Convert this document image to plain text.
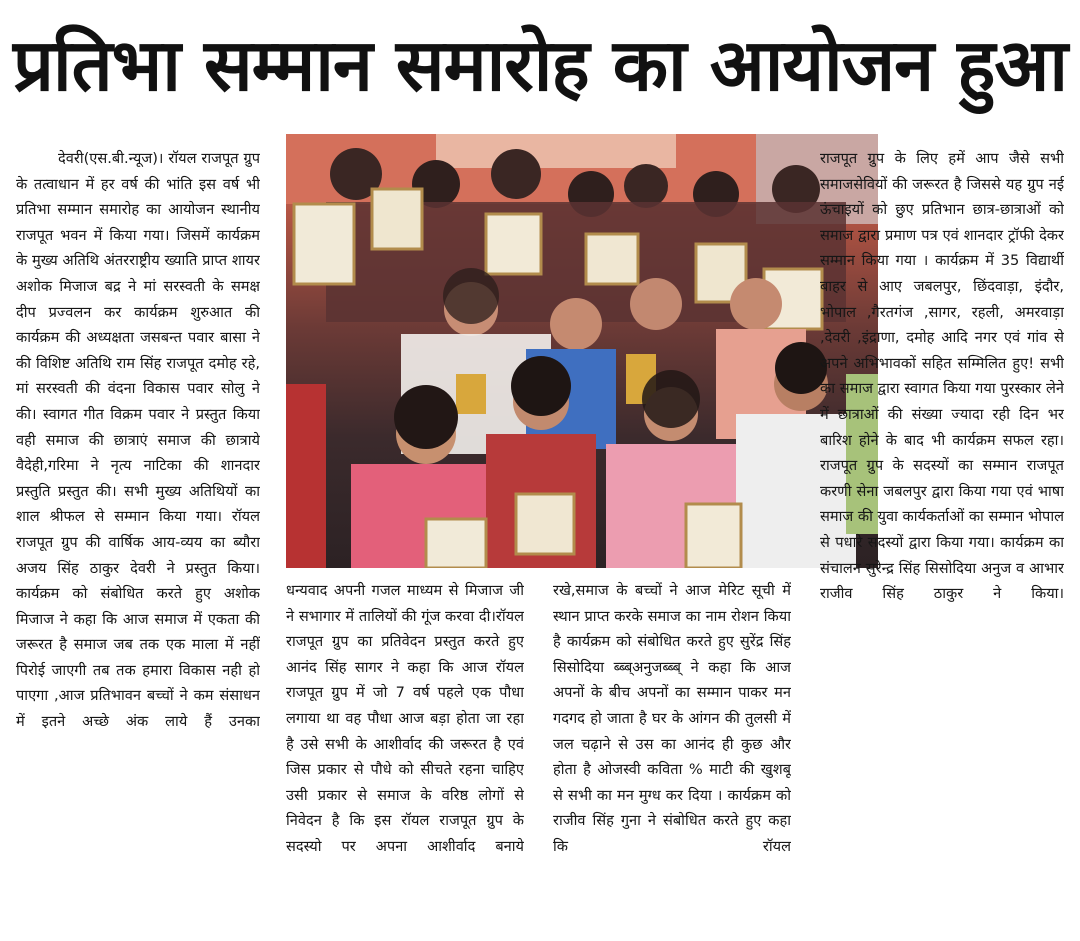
प्रतिभा सम्मान समारोह का आयोजन हुआ

देवरी(एस.बी.न्यूज)। रॉयल राजपूत ग्रुप के तत्वाधान में हर वर्ष की भांति इस वर्ष भी प्रतिभा सम्मान समारोह का आयोजन स्थानीय राजपूत भवन में किया गया। जिसमें कार्यक्रम के मुख्य अतिथि अंतरराष्ट्रीय ख्याति प्राप्त शायर अशोक मिजाज बद्र ने मां सरस्वती के समक्ष दीप प्रज्वलन कर कार्यक्रम शुरुआत की कार्यक्रम की अध्यक्षता जसबन्त पवार बासा ने की विशिष्ट अतिथि राम सिंह राजपूत दमोह रहे, मां सरस्वती की वंदना विकास पवार सोलु ने की। स्वागत गीत विक्रम पवार ने प्रस्तुत किया वही समाज की छात्राएं समाज की छात्राये वैदेही,गरिमा ने नृत्य नाटिका की शानदार प्रस्तुति प्रस्तुत की। सभी मुख्य अतिथियों का शाल श्रीफल से सम्मान किया गया। रॉयल राजपूत ग्रुप की वार्षिक आय-व्यय का ब्यौरा अजय सिंह ठाकुर देवरी ने प्रस्तुत किया। कार्यक्रम को संबोधित करते हुए अशोक मिजाज ने कहा कि आज समाज में एकता की जरूरत है समाज जब तक एक माला में नहीं पिरोई जाएगी तब तक हमारा विकास नही हो पाएगा ,आज प्रतिभावन बच्चों ने कम संसाधन में इतने अच्छे अंक लाये हैं उनका

धन्यवाद अपनी गजल माध्यम से मिजाज जी ने सभागार में तालियों की गूंज करवा दी।रॉयल राजपूत ग्रुप का प्रतिवेदन प्रस्तुत करते हुए आनंद सिंह सागर ने कहा कि आज रॉयल राजपूत ग्रुप में जो 7 वर्ष पहले एक पौधा लगाया था वह पौधा आज बड़ा होता जा रहा है उसे सभी के आशीर्वाद की जरूरत है एवं जिस प्रकार से पौधे को सीचते रहना चाहिए उसी प्रकार से समाज के वरिष्ठ लोगों से निवेदन है कि इस रॉयल राजपूत ग्रुप के सदस्यो पर अपना आशीर्वाद बनाये

रखे,समाज के बच्चों ने आज मेरिट सूची में स्थान प्राप्त करके समाज का नाम रोशन किया है कार्यक्रम को संबोधित करते हुए सुरेंद्र सिंह सिसोदिया ब्ब्ब्अनुजब्ब्ब् ने कहा कि आज अपनों के बीच अपनों का सम्मान पाकर मन गदगद हो जाता है घर के आंगन की तुलसी में जल चढ़ाने से उस का आनंद ही कुछ और होता है ओजस्वी कविता % माटी की खुशबू से सभी का मन मुग्ध कर दिया । कार्यक्रम को राजीव सिंह गुना ने संबोधित करते हुए कहा कि रॉयल

राजपूत ग्रुप के लिए हमें आप जैसे सभी समाजसेवियों की जरूरत है जिससे यह ग्रुप नई ऊंचाइयों को छुए प्रतिभान छात्र-छात्राओं को समाज द्वारा प्रमाण पत्र एवं शानदार ट्रॉफी देकर सम्मान किया गया । कार्यक्रम में 35 विद्यार्थी बाहर से आए जबलपुर, छिंदवाड़ा, इंदौर, भोपाल ,गैरतगंज ,सागर, रहली, अमरवाड़ा ,देवरी ,इंद्राणा, दमोह आदि नगर एवं गांव से अपने अभिभावकों सहित सम्मिलित हुए! सभी का समाज द्वारा स्वागत किया गया पुरस्कार लेने में छात्राओं की संख्या ज्यादा रही दिन भर बारिश होने के बाद भी कार्यक्रम सफल रहा। राजपूत ग्रुप के सदस्यों का सम्मान राजपूत करणी सेना जबलपुर द्वारा किया गया एवं भाषा समाज की युवा कार्यकर्ताओं का सम्मान भोपाल से पधारे सदस्यों द्वारा किया गया। कार्यक्रम का संचालन सुरेन्द्र सिंह सिसोदिया अनुज व आभार राजीव सिंह ठाकुर ने किया।
